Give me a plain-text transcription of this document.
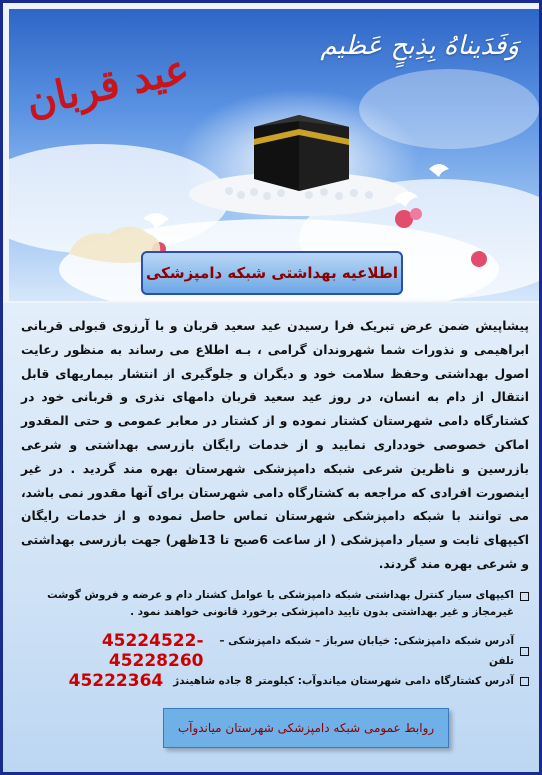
وَفَدَيناهُ بِذِبحٍ عَظيم
عید قربان
اطلاعیه بهداشتی شبکه دامپزشکی
پیشاپیش ضمن عرض تبریک فرا رسیدن عید سعید قربان و با آرزوی قبولی قربانی ابراهیمی و نذورات شما شهروندان گرامی ، بـه اطلاع می رساند به منظور رعایت اصول بهداشتی وحفظ سلامت خود و دیگران و جلوگیری از انتشار بیماریهای قابل انتقال از دام به انسان، در روز عید سعید قربان دامهای نذری و قربانی خود در کشتارگاه دامی شهرستان کشتار نموده و از کشتار در معابر عمومی و حتی المقدور اماکن خصوصی خودداری نمایید و از خدمات رایگان بازرسی بهداشتی و شرعی بازرسین و ناظرین شرعی شبکه دامپزشکی شهرستان بهره مند گردید . در غیر اینصورت افرادی که مراجعه به کشتارگاه دامی شهرستان برای آنها مقدور نمی باشد، می توانند با شبکه دامپزشکی شهرستان تماس حاصل نموده و از خدمات رایگان اکیپهای ثابت و سیار دامپزشکی ( از ساعت 6صبح تا 13ظهر) جهت بازرسی بهداشتی و شرعی بهره مند گردند.
اکیپهای سیار کنترل بهداشتی شبکه دامپزشکی با عوامل کشتار دام و عرضه و فروش گوشت غیرمجاز و غیر بهداشتی بدون تایید دامپزشکی برخورد قانونی خواهند نمود .
آدرس شبکه دامپزشکی: خیابان سرباز – شبکه دامپزشکی – تلفن
45224522-45228260
آدرس کشتارگاه دامی شهرستان میاندوآب: کیلومتر 8 جاده شاهیندژ
45222364
روابط عمومی شبکه دامپزشکی شهرستان میاندوآب
